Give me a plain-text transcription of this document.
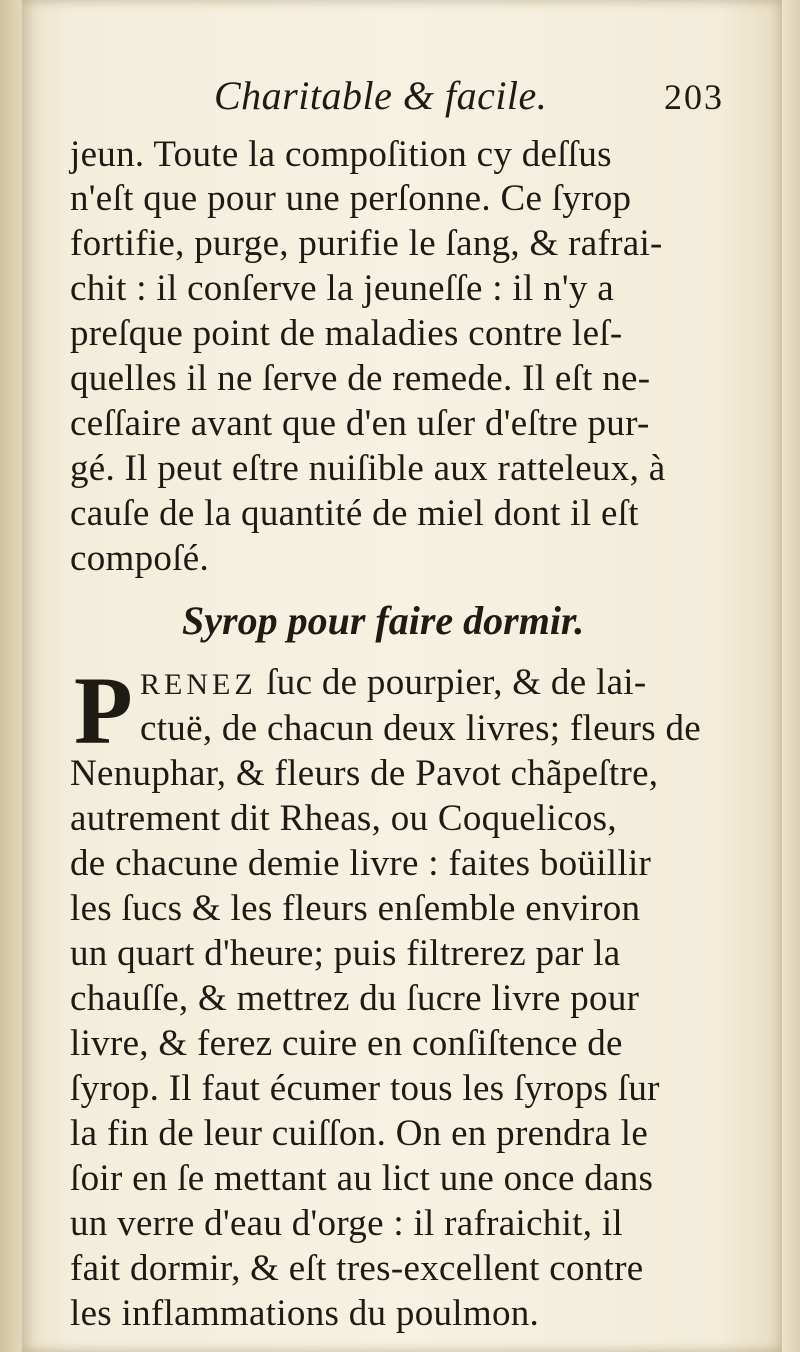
Charitable & facile.	203
jeun. Toute la compoſition cy deſſus
n'eſt que pour une perſonne. Ce ſyrop
fortifie, purge, purifie le ſang, & rafrai-
chit : il conſerve la jeuneſſe : il n'y a
preſque point de maladies contre leſ-
quelles il ne ſerve de remede. Il eſt ne-
ceſſaire avant que d'en uſer d'eſtre pur-
gé. Il peut eſtre nuiſible aux ratteleux, à
cauſe de la quantité de miel dont il eſt
compoſé.
Syrop pour faire dormir.
P RENEZ ſuc de pourpier, & de lai-
ctuë, de chacun deux livres; fleurs de
Nenuphar, & fleurs de Pavot chãpeſtre,
autrement dit Rheas, ou Coquelicos,
de chacune demie livre : faites boüillir
les ſucs & les fleurs enſemble environ
un quart d'heure; puis filtrerez par la
chauſſe, & mettrez du ſucre livre pour
livre, & ferez cuire en conſiſtence de
ſyrop. Il faut écumer tous les ſyrops ſur
la fin de leur cuiſſon. On en prendra le
ſoir en ſe mettant au lict une once dans
un verre d'eau d'orge : il rafraichit, il
fait dormir, & eſt tres-excellent contre
les inflammations du poulmon.
